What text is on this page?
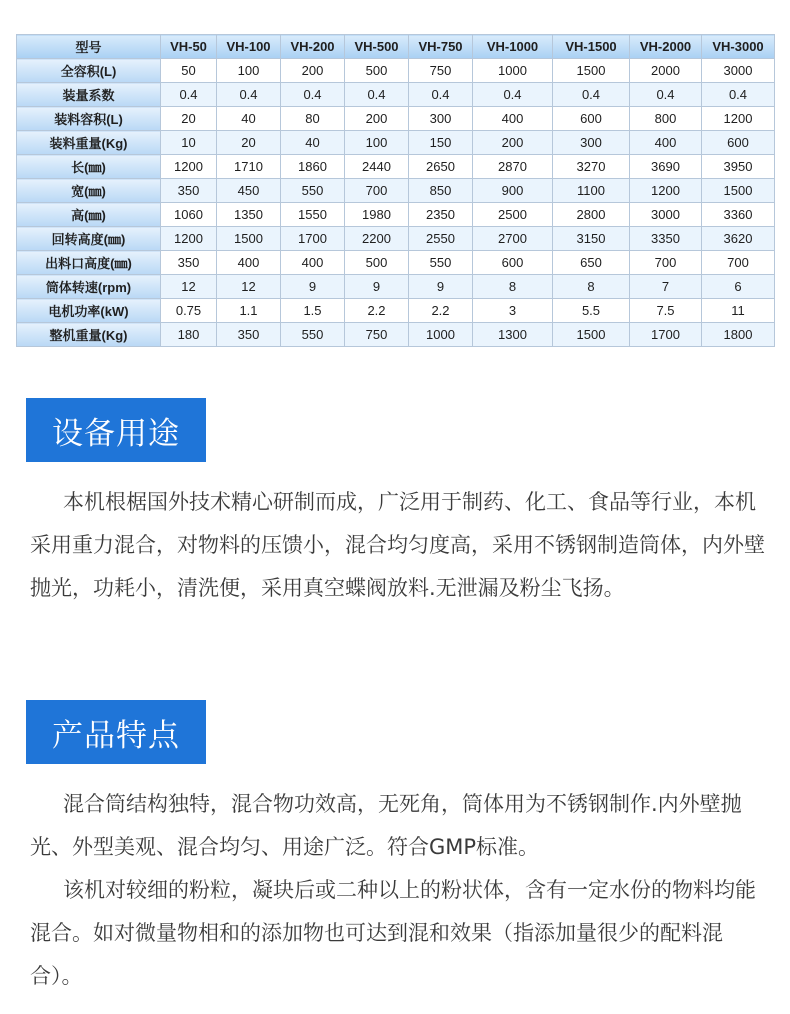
型号	VH-50	VH-100	VH-200	VH-500	VH-750	VH-1000	VH-1500	VH-2000	VH-3000
全容积(L)	50	100	200	500	750	1000	1500	2000	3000
装量系数	0.4	0.4	0.4	0.4	0.4	0.4	0.4	0.4	0.4
装料容积(L)	20	40	80	200	300	400	600	800	1200
装料重量(Kg)	10	20	40	100	150	200	300	400	600
长(㎜)	1200	1710	1860	2440	2650	2870	3270	3690	3950
宽(㎜)	350	450	550	700	850	900	1100	1200	1500
高(㎜)	1060	1350	1550	1980	2350	2500	2800	3000	3360
回转高度(㎜)	1200	1500	1700	2200	2550	2700	3150	3350	3620
出料口高度(㎜)	350	400	400	500	550	600	650	700	700
筒体转速(rpm)	12	12	9	9	9	8	8	7	6
电机功率(kW)	0.75	1.1	1.5	2.2	2.2	3	5.5	7.5	11
整机重量(Kg)	180	350	550	750	1000	1300	1500	1700	1800
设备用途

本机根椐国外技术精心研制而成，广泛用于制药、化工、食品等行业，本机采用重力混合，对物料的压馈小，混合均匀度高，采用不锈钢制造筒体，内外壁抛光，功耗小，清洗便，采用真空蝶阀放料.无泄漏及粉尘飞扬。

产品特点

混合筒结构独特，混合物功效高，无死角，筒体用为不锈钢制作.内外壁抛光、外型美观、混合均匀、用途广泛。符合GMP标准。

该机对较细的粉粒，凝块后或二种以上的粉状体，含有一定水份的物料均能混合。如对微量物相和的添加物也可达到混和效果（指添加量很少的配料混合）。
